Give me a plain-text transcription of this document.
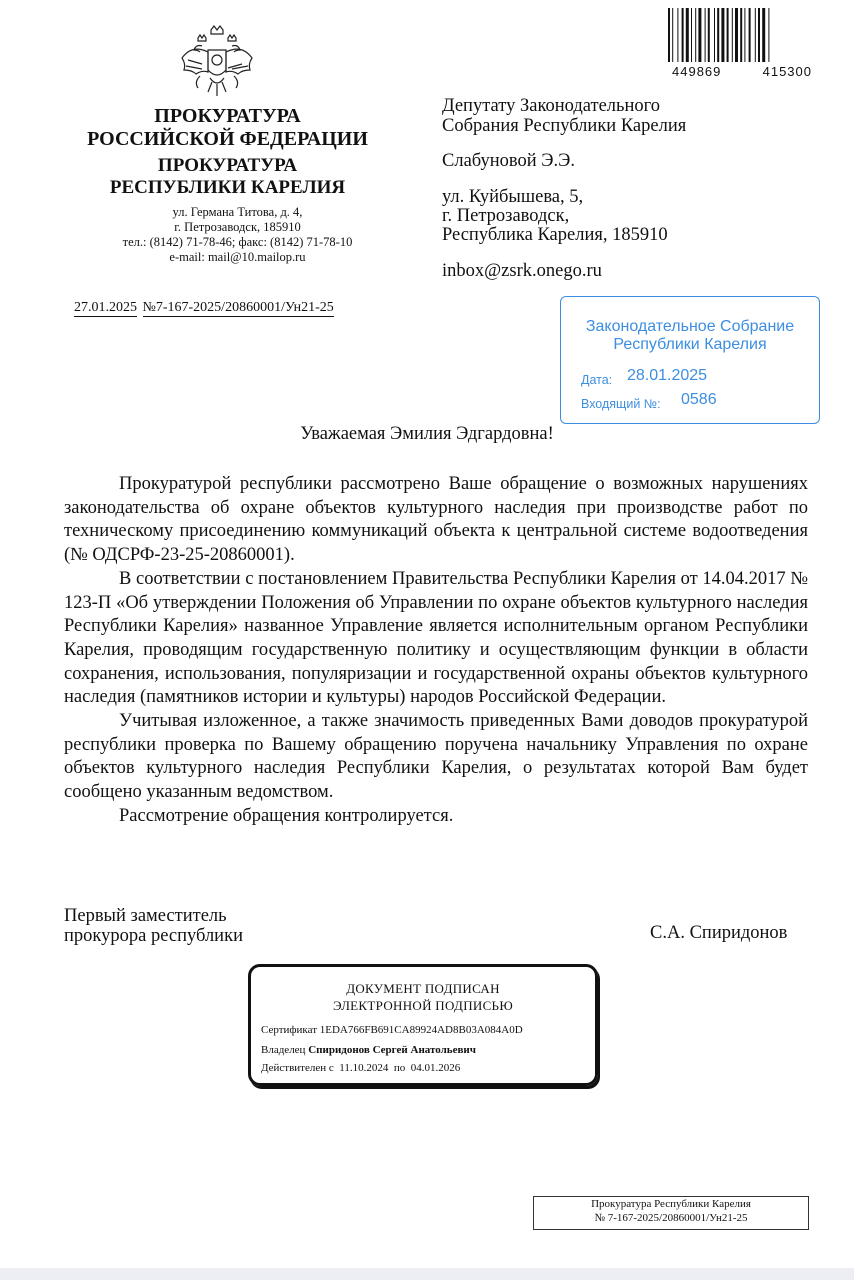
449869	415300
ПРОКУРАТУРА
РОССИЙСКОЙ ФЕДЕРАЦИИ
ПРОКУРАТУРА
РЕСПУБЛИКИ КАРЕЛИЯ
ул. Германа Титова, д. 4,
г. Петрозаводск, 185910
тел.: (8142) 71-78-46; факс: (8142) 71-78-10
e-mail: mail@10.mailop.ru
27.01.2025 №7-167-2025/20860001/Ун21-25
Депутату Законодательного
Собрания Республики Карелия
Слабуновой Э.Э.
ул. Куйбышева, 5,
г. Петрозаводск,
Республика Карелия, 185910
inbox@zsrk.onego.ru
Законодательное Собрание
Республики Карелия
Дата: 28.01.2025
Входящий №: 0586
Уважаемая Эмилия Эдгардовна!

Прокуратурой республики рассмотрено Ваше обращение о возможных нарушениях законодательства об охране объектов культурного наследия при производстве работ по техническому присоединению коммуникаций объекта к центральной системе водоотведения (№ ОДСРФ-23-25-20860001).

В соответствии с постановлением Правительства Республики Карелия от 14.04.2017 № 123-П «Об утверждении Положения об Управлении по охране объектов культурного наследия Республики Карелия» названное Управление является исполнительным органом Республики Карелия, проводящим государственную политику и осуществляющим функции в области сохранения, использования, популяризации и государственной охраны объектов культурного наследия (памятников истории и культуры) народов Российской Федерации.

Учитывая изложенное, а также значимость приведенных Вами доводов прокуратурой республики проверка по Вашему обращению поручена начальнику Управления по охране объектов культурного наследия Республики Карелия, о результатах которой Вам будет сообщено указанным ведомством.

Рассмотрение обращения контролируется.

Первый заместитель
прокурора республики	С.А. Спиридонов
ДОКУМЕНТ ПОДПИСАН
ЭЛЕКТРОННОЙ ПОДПИСЬЮ
Сертификат 1EDA766FB691CA89924AD8B03A084A0D
Владелец Спиридонов Сергей Анатольевич
Действителен с 11.10.2024 по 04.01.2026
Прокуратура Республики Карелия
№ 7-167-2025/20860001/Ун21-25
